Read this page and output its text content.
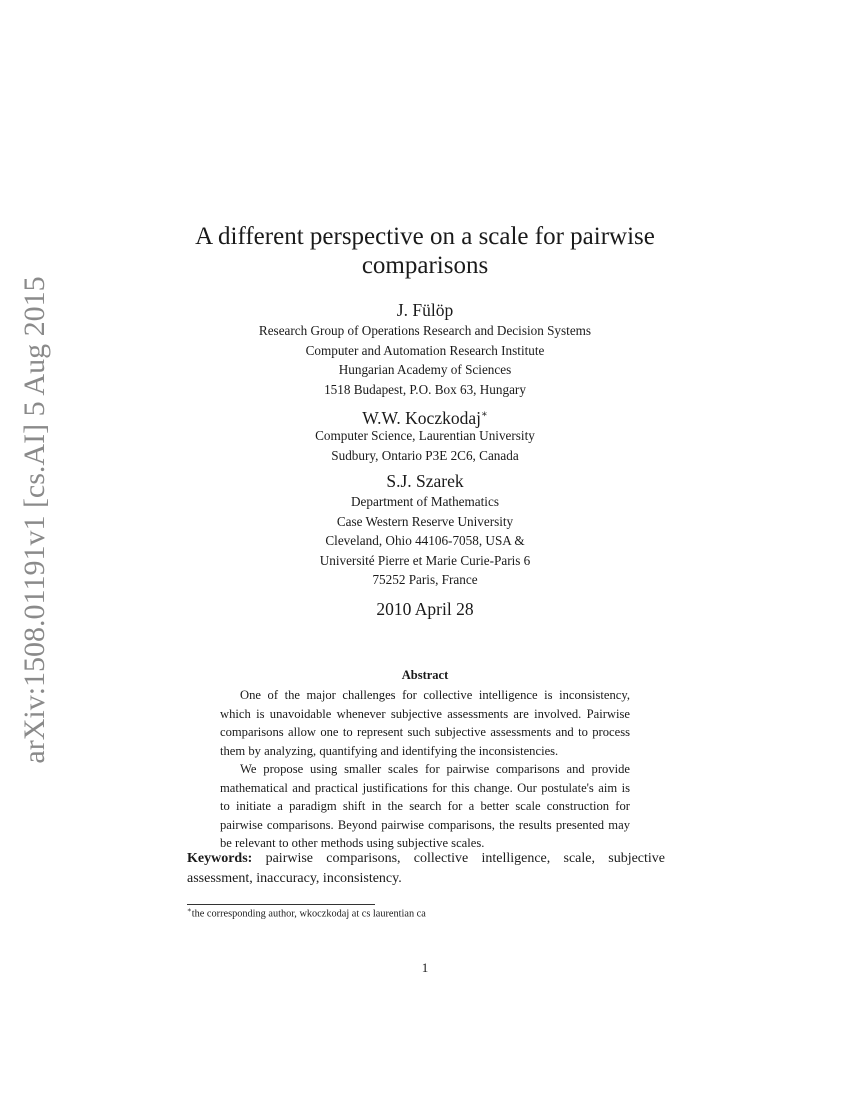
arXiv:1508.01191v1 [cs.AI] 5 Aug 2015
A different perspective on a scale for pairwise
comparisons
J. Fülöp
Research Group of Operations Research and Decision Systems
Computer and Automation Research Institute
Hungarian Academy of Sciences
1518 Budapest, P.O. Box 63, Hungary
W.W. Koczkodaj∗
Computer Science, Laurentian University
Sudbury, Ontario P3E 2C6, Canada
S.J. Szarek
Department of Mathematics
Case Western Reserve University
Cleveland, Ohio 44106-7058, USA &
Université Pierre et Marie Curie-Paris 6
75252 Paris, France
2010 April 28
Abstract

One of the major challenges for collective intelligence is inconsistency, which is unavoidable whenever subjective assessments are involved. Pairwise comparisons allow one to represent such subjective assessments and to process them by analyzing, quantifying and identifying the inconsistencies.

We propose using smaller scales for pairwise comparisons and provide mathematical and practical justifications for this change. Our postulate's aim is to initiate a paradigm shift in the search for a better scale construction for pairwise comparisons. Beyond pairwise comparisons, the results presented may be relevant to other methods using subjective scales.

Keywords: pairwise comparisons, collective intelligence, scale, subjective assessment, inaccuracy, inconsistency.
∗the corresponding author, wkoczkodaj at cs laurentian ca
1
